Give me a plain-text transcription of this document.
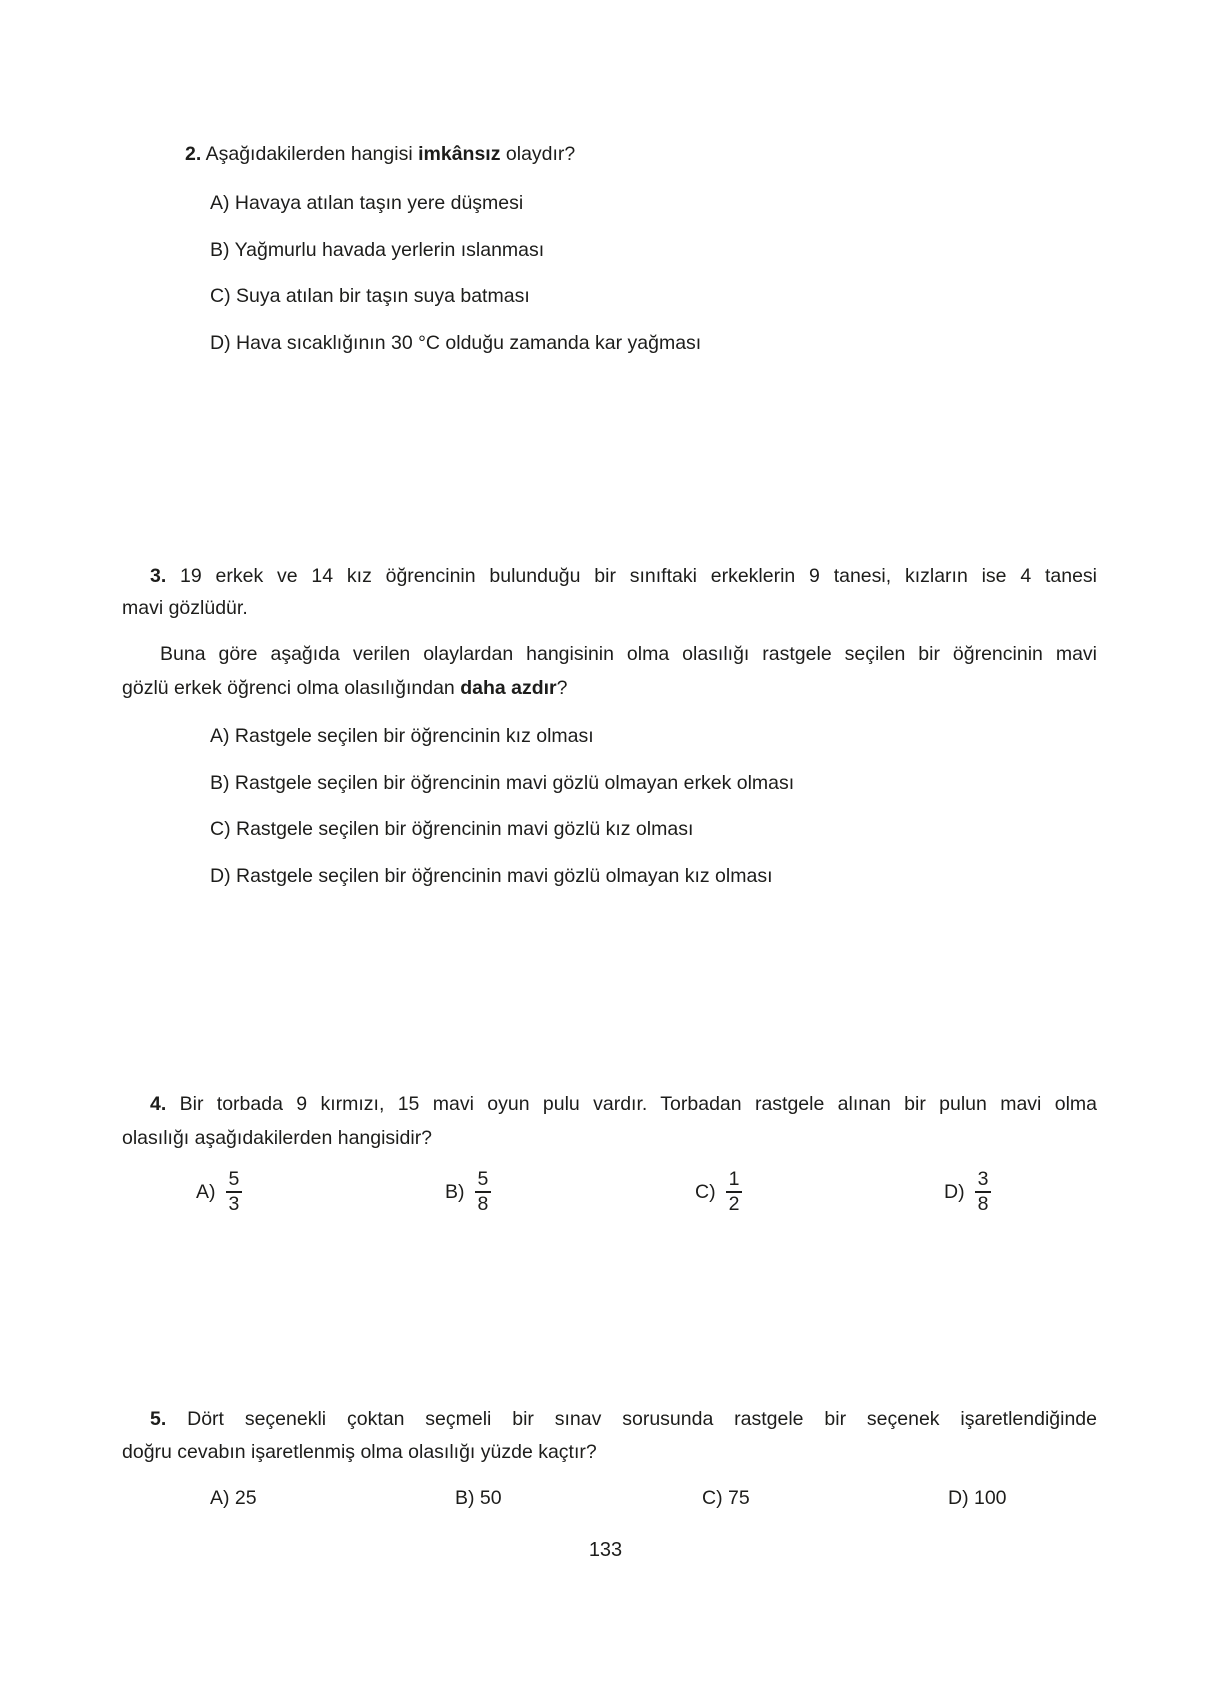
2. Aşağıdakilerden hangisi imkânsız olaydır?
A) Havaya atılan taşın yere düşmesi
B) Yağmurlu havada yerlerin ıslanması
C) Suya atılan bir taşın suya batması
D) Hava sıcaklığının 30 °C olduğu zamanda kar yağması
3. 19 erkek ve 14 kız öğrencinin bulunduğu bir sınıftaki erkeklerin 9 tanesi, kızların ise 4 tanesi
mavi gözlüdür.
Buna göre aşağıda verilen olaylardan hangisinin olma olasılığı rastgele seçilen bir öğrencinin mavi
gözlü erkek öğrenci olma olasılığından daha azdır?
A) Rastgele seçilen bir öğrencinin kız olması
B) Rastgele seçilen bir öğrencinin mavi gözlü olmayan erkek olması
C) Rastgele seçilen bir öğrencinin mavi gözlü kız olması
D) Rastgele seçilen bir öğrencinin mavi gözlü olmayan kız olması
4. Bir torbada 9 kırmızı, 15 mavi oyun pulu vardır. Torbadan rastgele alınan bir pulun mavi olma
olasılığı aşağıdakilerden hangisidir?
$A) \frac{5}{3}$	$B) \frac{5}{8}$	$C) \frac{1}{2}$	$D) \frac{3}{8}$
5. Dört seçenekli çoktan seçmeli bir sınav sorusunda rastgele bir seçenek işaretlendiğinde
doğru cevabın işaretlenmiş olma olasılığı yüzde kaçtır?
A) 25	B) 50	C) 75	D) 100
133
